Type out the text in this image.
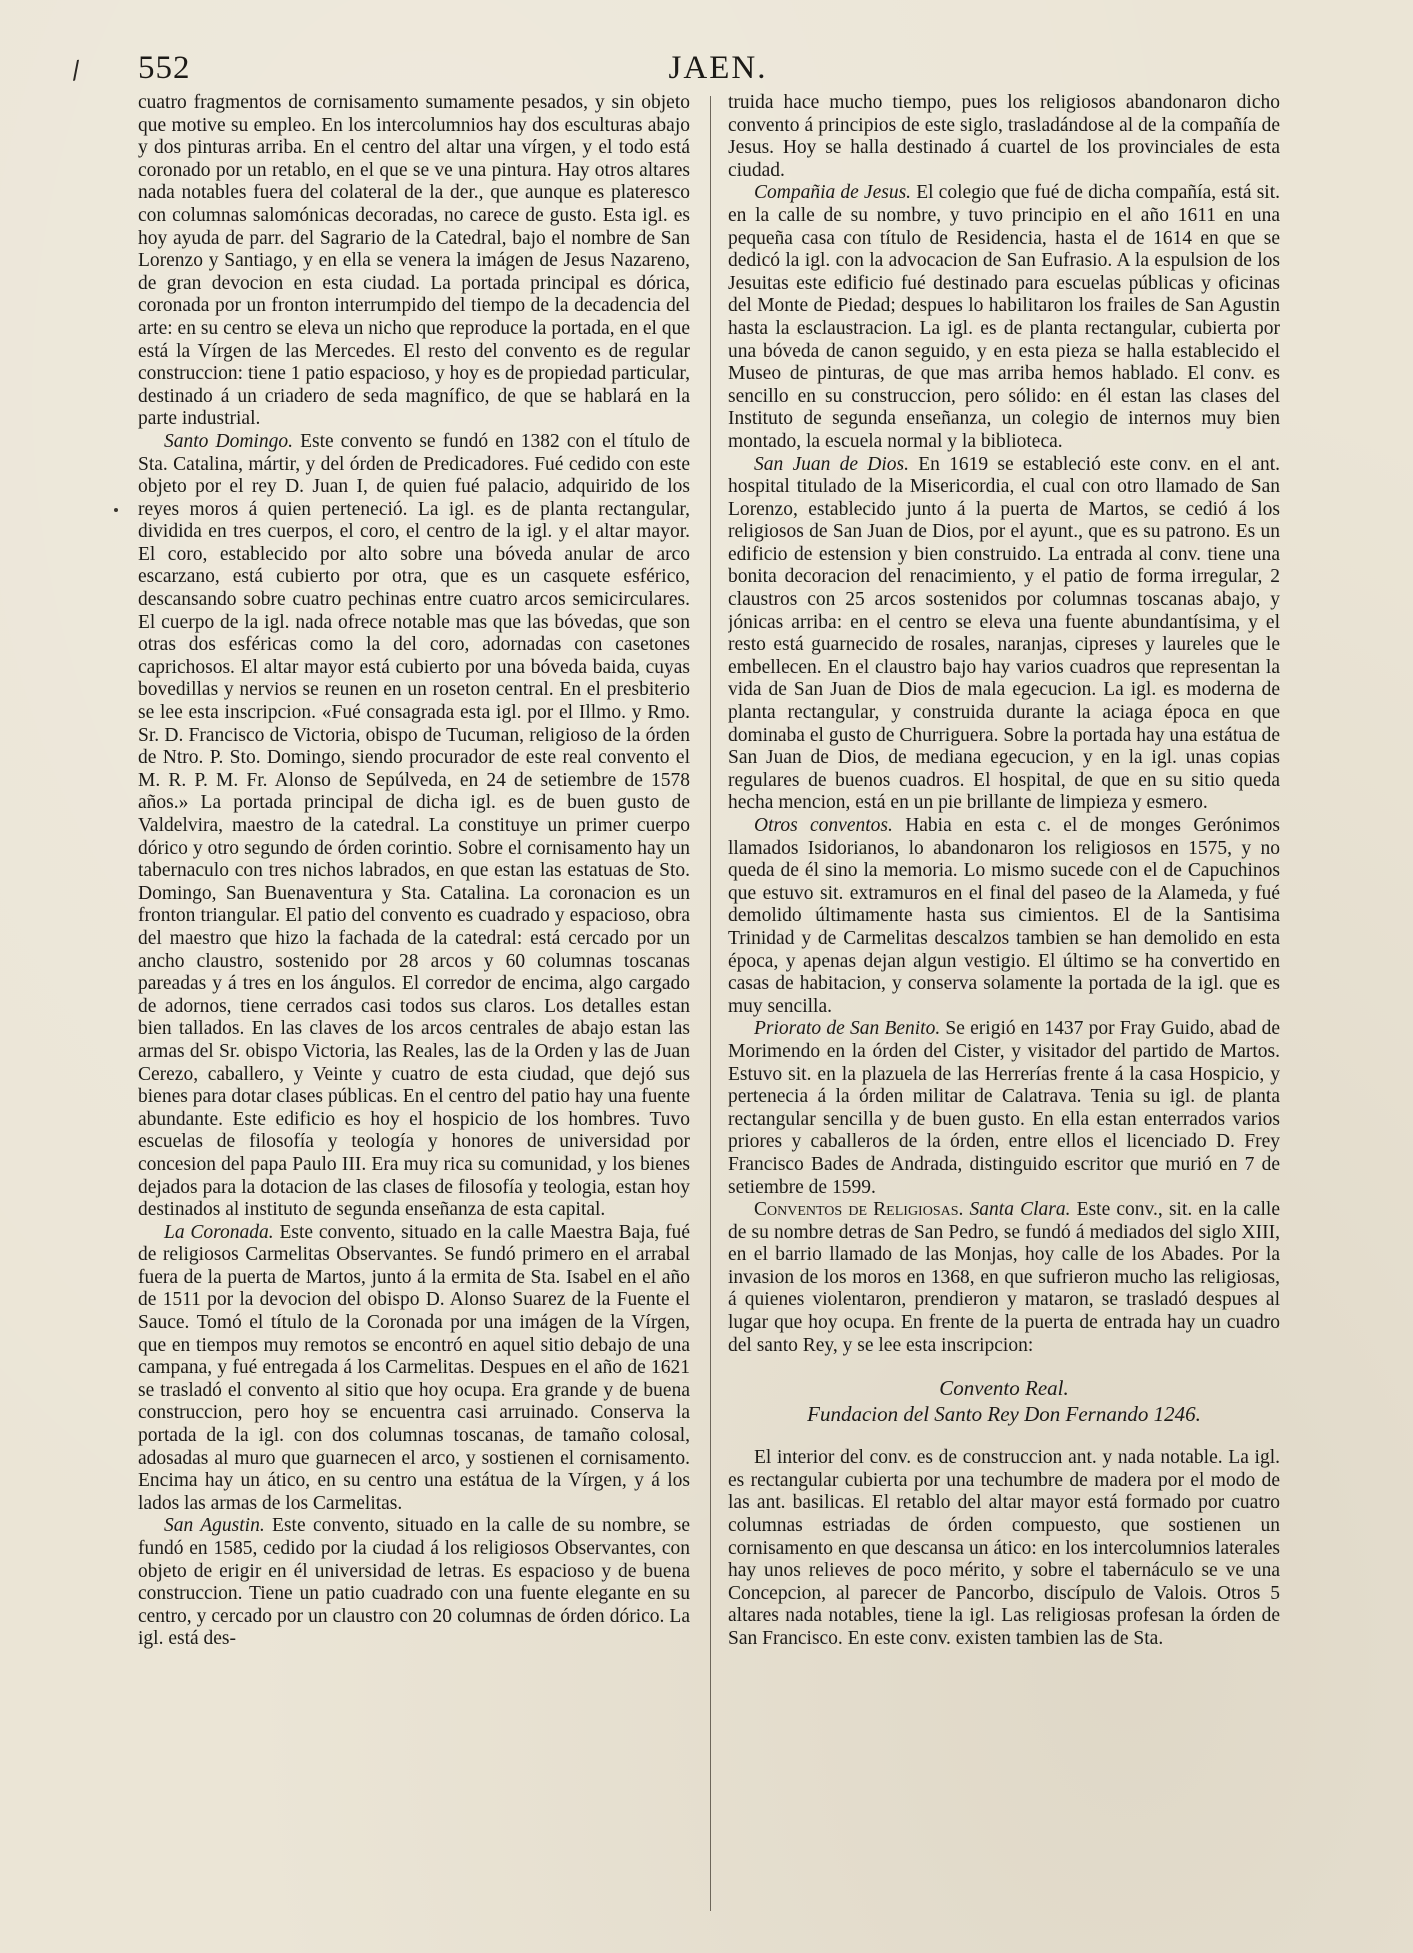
/ 552	JAEN.

cuatro fragmentos de cornisamento sumamente pesados, y sin objeto que motive su empleo. En los intercolumnios hay dos esculturas abajo y dos pinturas arriba. En el centro del altar una vírgen, y el todo está coronado por un retablo, en el que se ve una pintura. Hay otros altares nada notables fuera del colateral de la der., que aunque es plateresco con columnas salomónicas decoradas, no carece de gusto. Esta igl. es hoy ayuda de parr. del Sagrario de la Catedral, bajo el nombre de San Lorenzo y Santiago, y en ella se venera la imágen de Jesus Nazareno, de gran devocion en esta ciudad. La portada principal es dórica, coronada por un fronton interrumpido del tiempo de la decadencia del arte: en su centro se eleva un nicho que reproduce la portada, en el que está la Vírgen de las Mercedes. El resto del convento es de regular construccion: tiene 1 patio espacioso, y hoy es de propiedad particular, destinado á un criadero de seda magnífico, de que se hablará en la parte industrial.

Santo Domingo. Este convento se fundó en 1382 con el título de Sta. Catalina, mártir, y del órden de Predicadores. Fué cedido con este objeto por el rey D. Juan I, de quien fué palacio, adquirido de los reyes moros á quien perteneció. La igl. es de planta rectangular, dividida en tres cuerpos, el coro, el centro de la igl. y el altar mayor. El coro, establecido por alto sobre una bóveda anular de arco escarzano, está cubierto por otra, que es un casquete esférico, descansando sobre cuatro pechinas entre cuatro arcos semicirculares. El cuerpo de la igl. nada ofrece notable mas que las bóvedas, que son otras dos esféricas como la del coro, adornadas con casetones caprichosos. El altar mayor está cubierto por una bóveda baida, cuyas bovedillas y nervios se reunen en un roseton central. En el presbiterio se lee esta inscripcion. «Fué consagrada esta igl. por el Illmo. y Rmo. Sr. D. Francisco de Victoria, obispo de Tucuman, religioso de la órden de Ntro. P. Sto. Domingo, siendo procurador de este real convento el M. R. P. M. Fr. Alonso de Sepúlveda, en 24 de setiembre de 1578 años.» La portada principal de dicha igl. es de buen gusto de Valdelvira, maestro de la catedral. La constituye un primer cuerpo dórico y otro segundo de órden corintio. Sobre el cornisamento hay un tabernaculo con tres nichos labrados, en que estan las estatuas de Sto. Domingo, San Buenaventura y Sta. Catalina. La coronacion es un fronton triangular. El patio del convento es cuadrado y espacioso, obra del maestro que hizo la fachada de la catedral: está cercado por un ancho claustro, sostenido por 28 arcos y 60 columnas toscanas pareadas y á tres en los ángulos. El corredor de encima, algo cargado de adornos, tiene cerrados casi todos sus claros. Los detalles estan bien tallados. En las claves de los arcos centrales de abajo estan las armas del Sr. obispo Victoria, las Reales, las de la Orden y las de Juan Cerezo, caballero, y Veinte y cuatro de esta ciudad, que dejó sus bienes para dotar clases públicas. En el centro del patio hay una fuente abundante. Este edificio es hoy el hospicio de los hombres. Tuvo escuelas de filosofía y teología y honores de universidad por concesion del papa Paulo III. Era muy rica su comunidad, y los bienes dejados para la dotacion de las clases de filosofía y teologia, estan hoy destinados al instituto de segunda enseñanza de esta capital.

La Coronada. Este convento, situado en la calle Maestra Baja, fué de religiosos Carmelitas Observantes. Se fundó primero en el arrabal fuera de la puerta de Martos, junto á la ermita de Sta. Isabel en el año de 1511 por la devocion del obispo D. Alonso Suarez de la Fuente el Sauce. Tomó el título de la Coronada por una imágen de la Vírgen, que en tiempos muy remotos se encontró en aquel sitio debajo de una campana, y fué entregada á los Carmelitas. Despues en el año de 1621 se trasladó el convento al sitio que hoy ocupa. Era grande y de buena construccion, pero hoy se encuentra casi arruinado. Conserva la portada de la igl. con dos columnas toscanas, de tamaño colosal, adosadas al muro que guarnecen el arco, y sostienen el cornisamento. Encima hay un ático, en su centro una estátua de la Vírgen, y á los lados las armas de los Carmelitas.

San Agustin. Este convento, situado en la calle de su nombre, se fundó en 1585, cedido por la ciudad á los religiosos Observantes, con objeto de erigir en él universidad de letras. Es espacioso y de buena construccion. Tiene un patio cuadrado con una fuente elegante en su centro, y cercado por un claustro con 20 columnas de órden dórico. La igl. está des-

truida hace mucho tiempo, pues los religiosos abandonaron dicho convento á principios de este siglo, trasladándose al de la compañía de Jesus. Hoy se halla destinado á cuartel de los provinciales de esta ciudad.

Compañia de Jesus. El colegio que fué de dicha compañía, está sit. en la calle de su nombre, y tuvo principio en el año 1611 en una pequeña casa con título de Residencia, hasta el de 1614 en que se dedicó la igl. con la advocacion de San Eufrasio. A la espulsion de los Jesuitas este edificio fué destinado para escuelas públicas y oficinas del Monte de Piedad; despues lo habilitaron los frailes de San Agustin hasta la esclaustracion. La igl. es de planta rectangular, cubierta por una bóveda de canon seguido, y en esta pieza se halla establecido el Museo de pinturas, de que mas arriba hemos hablado. El conv. es sencillo en su construccion, pero sólido: en él estan las clases del Instituto de segunda enseñanza, un colegio de internos muy bien montado, la escuela normal y la biblioteca.

San Juan de Dios. En 1619 se estableció este conv. en el ant. hospital titulado de la Misericordia, el cual con otro llamado de San Lorenzo, establecido junto á la puerta de Martos, se cedió á los religiosos de San Juan de Dios, por el ayunt., que es su patrono. Es un edificio de estension y bien construido. La entrada al conv. tiene una bonita decoracion del renacimiento, y el patio de forma irregular, 2 claustros con 25 arcos sostenidos por columnas toscanas abajo, y jónicas arriba: en el centro se eleva una fuente abundantísima, y el resto está guarnecido de rosales, naranjas, cipreses y laureles que le embellecen. En el claustro bajo hay varios cuadros que representan la vida de San Juan de Dios de mala egecucion. La igl. es moderna de planta rectangular, y construida durante la aciaga época en que dominaba el gusto de Churriguera. Sobre la portada hay una estátua de San Juan de Dios, de mediana egecucion, y en la igl. unas copias regulares de buenos cuadros. El hospital, de que en su sitio queda hecha mencion, está en un pie brillante de limpieza y esmero.

Otros conventos. Habia en esta c. el de monges Gerónimos llamados Isidorianos, lo abandonaron los religiosos en 1575, y no queda de él sino la memoria. Lo mismo sucede con el de Capuchinos que estuvo sit. extramuros en el final del paseo de la Alameda, y fué demolido últimamente hasta sus cimientos. El de la Santisima Trinidad y de Carmelitas descalzos tambien se han demolido en esta época, y apenas dejan algun vestigio. El último se ha convertido en casas de habitacion, y conserva solamente la portada de la igl. que es muy sencilla.

Priorato de San Benito. Se erigió en 1437 por Fray Guido, abad de Morimendo en la órden del Cister, y visitador del partido de Martos. Estuvo sit. en la plazuela de las Herrerías frente á la casa Hospicio, y pertenecia á la órden militar de Calatrava. Tenia su igl. de planta rectangular sencilla y de buen gusto. En ella estan enterrados varios priores y caballeros de la órden, entre ellos el licenciado D. Frey Francisco Bades de Andrada, distinguido escritor que murió en 7 de setiembre de 1599.

Conventos de Religiosas. Santa Clara. Este conv., sit. en la calle de su nombre detras de San Pedro, se fundó á mediados del siglo XIII, en el barrio llamado de las Monjas, hoy calle de los Abades. Por la invasion de los moros en 1368, en que sufrieron mucho las religiosas, á quienes violentaron, prendieron y mataron, se trasladó despues al lugar que hoy ocupa. En frente de la puerta de entrada hay un cuadro del santo Rey, y se lee esta inscripcion:

Convento Real.
Fundacion del Santo Rey Don Fernando 1246.

El interior del conv. es de construccion ant. y nada notable. La igl. es rectangular cubierta por una techumbre de madera por el modo de las ant. basilicas. El retablo del altar mayor está formado por cuatro columnas estriadas de órden compuesto, que sostienen un cornisamento en que descansa un ático: en los intercolumnios laterales hay unos relieves de poco mérito, y sobre el tabernáculo se ve una Concepcion, al parecer de Pancorbo, discípulo de Valois. Otros 5 altares nada notables, tiene la igl. Las religiosas profesan la órden de San Francisco. En este conv. existen tambien las de Sta.
